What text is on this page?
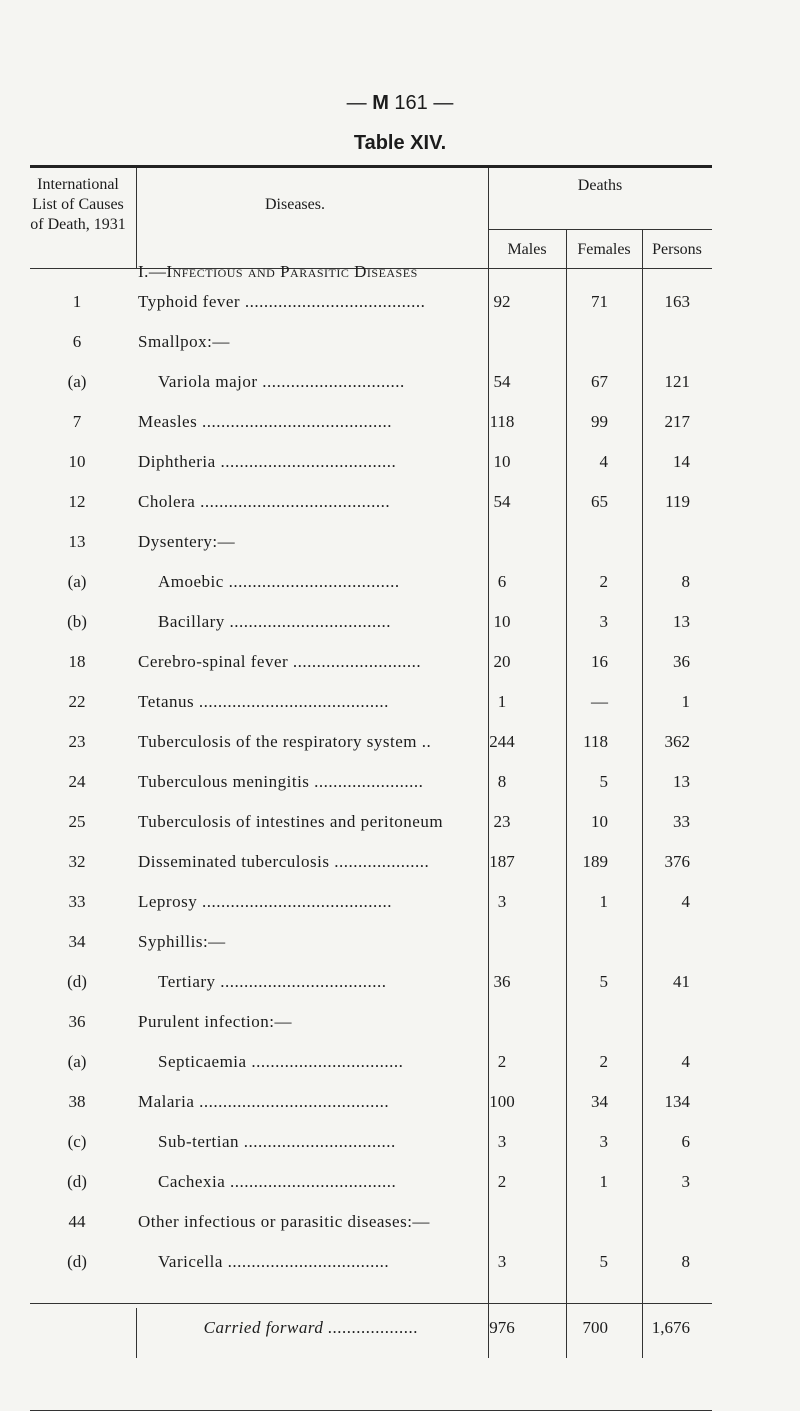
— M 161 —
Table XIV.
International
List of Causes
of Death, 1931
Diseases.
Deaths
Males	Females	Persons
I.—Infectious and Parasitic Diseases
1	Typhoid fever ......................................	92	71	163
6	Smallpox:—
(a)	Variola major ..............................	54	67	121
7	Measles ........................................	118	99	217
10	Diphtheria .....................................	10	4	14
12	Cholera ........................................	54	65	119
13	Dysentery:—
(a)	Amoebic ....................................	6	2	8
(b)	Bacillary ..................................	10	3	13
18	Cerebro-spinal fever ...........................	20	16	36
22	Tetanus ........................................	1	—	1
23	Tuberculosis of the respiratory system ..	244	118	362
24	Tuberculous meningitis .......................	8	5	13
25	Tuberculosis of intestines and peritoneum	23	10	33
32	Disseminated tuberculosis ....................	187	189	376
33	Leprosy ........................................	3	1	4
34	Syphillis:—
(d)	Tertiary ...................................	36	5	41
36	Purulent infection:—
(a)	Septicaemia ................................	2	2	4
38	Malaria ........................................	100	34	134
(c)	Sub-tertian ................................	3	3	6
(d)	Cachexia ...................................	2	1	3
44	Other infectious or parasitic diseases:—
(d)	Varicella ..................................	3	5	8
Carried forward ...................	976	700	1,676
